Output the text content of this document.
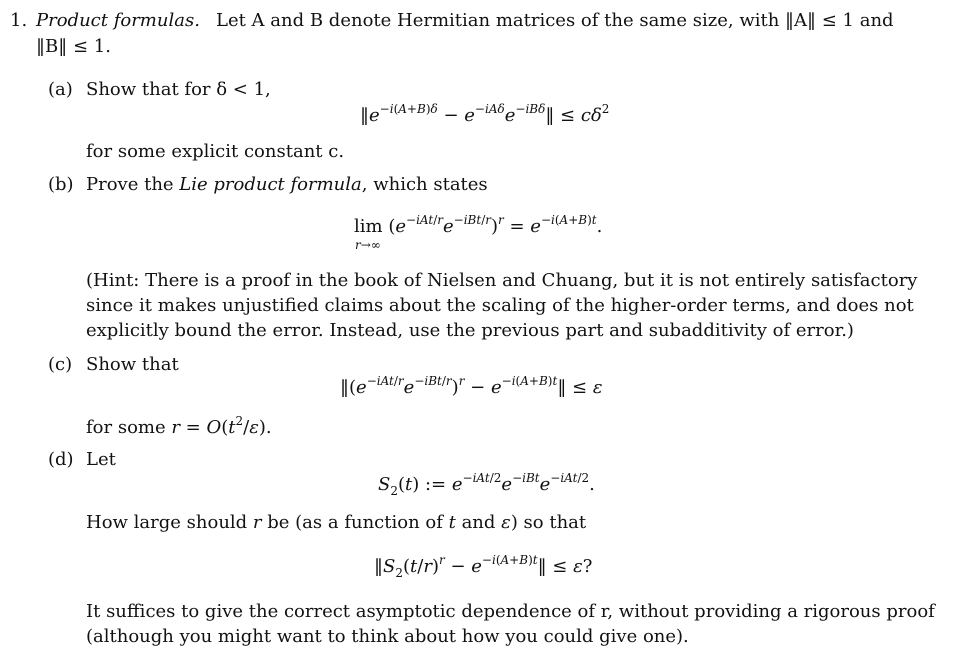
1. Product formulas. Let A and B denote Hermitian matrices of the same size, with ‖A‖ ≤ 1 and
‖B‖ ≤ 1.
(a) Show that for δ < 1,
$‖e^{-i(A+B)\delta}$ − $e^{-iA\delta}e^{-iB\delta}‖ \le c\delta^2$
for some explicit constant c.
(b) Prove the Lie product formula, which states
$\lim (e^{-iAt/r}e^{-iBt/r})^r = e^{-i(A+B)t}$.
r→∞
(Hint: There is a proof in the book of Nielsen and Chuang, but it is not entirely satisfactory
since it makes unjustified claims about the scaling of the higher-order terms, and does not
explicitly bound the error. Instead, use the previous part and subadditivity of error.)
(c) Show that
$‖(e^{-iAt/r}e^{-iBt/r})^r$ − $e^{-i(A+B)t}‖ \le \varepsilon$
for some $r = O(t^2/\varepsilon)$.
(d) Let
$S_2(t)$ := $e^{-iAt/2}e^{-iBt}e^{-iAt/2}$.
How large should r be (as a function of t and ε) so that
$‖S_2(t/r)^r$ − $e^{-i(A+B)t}‖ \le \varepsilon$?
It suffices to give the correct asymptotic dependence of r, without providing a rigorous proof
(although you might want to think about how you could give one).
